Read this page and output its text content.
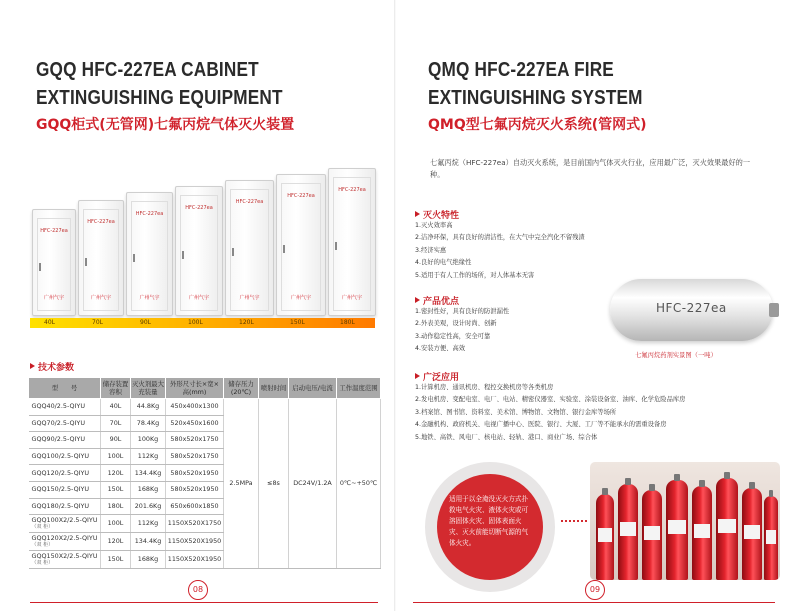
GQQ HFC-227EA CABINET
EXTINGUISHING EQUIPMENT
GQQ柜式(无管网)七氟丙烷气体灭火装置
HFC-227ea
广州气宇
HFC-227ea
广州气宇
HFC-227ea
广州气宇
HFC-227ea
广州气宇
HFC-227ea
广州气宇
HFC-227ea
广州气宇
HFC-227ea
广州气宇
40L	70L	90L	100L	120L	150L	180L
技术参数
型　　号	储存装置容积	灭火剂最大充装量	外形尺寸长×宽×高(mm)	储存压力(20℃)	喷射时间	启动电压/电流	工作温度范围
GQQ40/2.5-QIYU	40L	44.8Kg	450x400x1300	2.5MPa	≤8s	DC24V/1.2A	0℃~+50℃
GQQ70/2.5-QIYU	70L	78.4Kg	520x450x1600				
GQQ90/2.5-QIYU	90L	100Kg	580x520x1750				
GQQ100/2.5-QIYU	100L	112Kg	580x520x1750				
GQQ120/2.5-QIYU	120L	134.4Kg	580x520x1950				
GQQ150/2.5-QIYU	150L	168Kg	580x520x1950				
GQQ180/2.5-QIYU	180L	201.6Kg	650x600x1850				
GQQ100X2/2.5-QIYU
（双 柜）	100L	112Kg	1150X520X1750				
GQQ120X2/2.5-QIYU
（双 柜）	120L	134.4Kg	1150X520X1950				
GQQ150X2/2.5-QIYU
（双 柜）	150L	168Kg	1150X520X1950				
08
QMQ HFC-227EA FIRE
EXTINGUISHING SYSTEM
QMQ型七氟丙烷灭火系统(管网式)

七氟丙烷（HFC-227ea）自动灭火系统，是目前国内气体灭火行业，应用最广泛，灭火效果最好的一种。

灭火特性
1.灭火效率高
2.洁净环保，具有良好的清洁性，在大气中完全汽化不留残渣
3.经济实惠
4.良好的电气绝缘性
5.适用于有人工作的场所，对人体基本无害
产品优点
1.密封性好，具有良好的防泄漏性
2.外表美观，设计时尚、创新
3.动作稳定性高，安全可靠
4.安装方便、高效
HFC-227ea
七氟丙烷药剂实景图（一吨）
广泛应用
1.计算机房、通讯机房、程控交换机房等各类机房
2.发电机房、变配电室、电厂、电站、精密仪器室、实验室、涂装设备室、油库、化学危险品库房
3.档案馆、图书馆、资料室、美术馆、博物馆、文物馆、银行金库等场所
4.金融机构、政府机关、电视广播中心、医院、银行、大厦、工厂等不能承水的需重设备房
5.地铁、高铁、风电厂、核电站、轻轨、港口、商业广场、综合体

适用于以全淹没灭火方式扑救电气火灾、液体火灾或可溶固体火灾、固体表面火灾、灭火前能切断气源的气体火灾。

09
